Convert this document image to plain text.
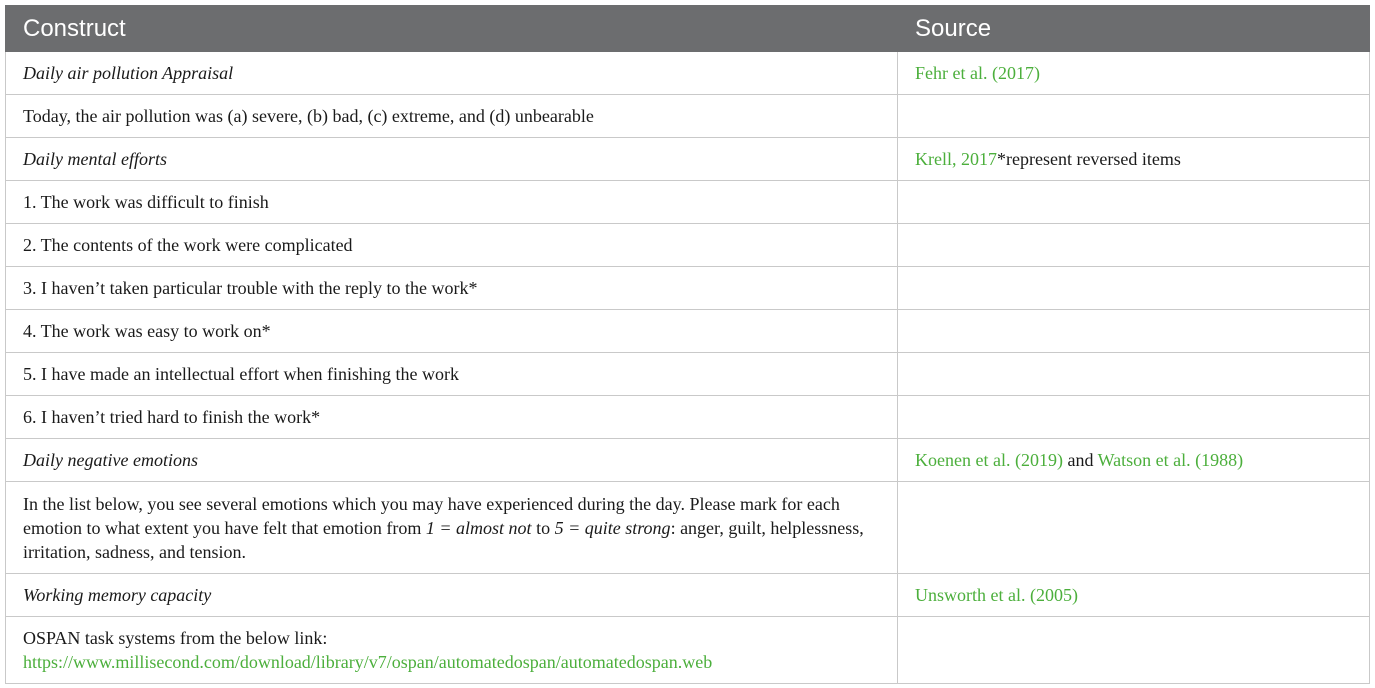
Construct	Source
Daily air pollution Appraisal	Fehr et al. (2017)
Today, the air pollution was (a) severe, (b) bad, (c) extreme, and (d) unbearable	
Daily mental efforts	Krell, 2017*represent reversed items
1. The work was difficult to finish	
2. The contents of the work were complicated	
3. I haven’t taken particular trouble with the reply to the work*	
4. The work was easy to work on*	
5. I have made an intellectual effort when finishing the work	
6. I haven’t tried hard to finish the work*	
Daily negative emotions	Koenen et al. (2019) and Watson et al. (1988)
In the list below, you see several emotions which you may have experienced during the day. Please mark for each emotion to what extent you have felt that emotion from 1 = almost not to 5 = quite strong: anger, guilt, helplessness, irritation, sadness, and tension.	
Working memory capacity	Unsworth et al. (2005)
OSPAN task systems from the below link: https://www.millisecond.com/download/library/v7/ospan/automatedospan/automatedospan.web	
